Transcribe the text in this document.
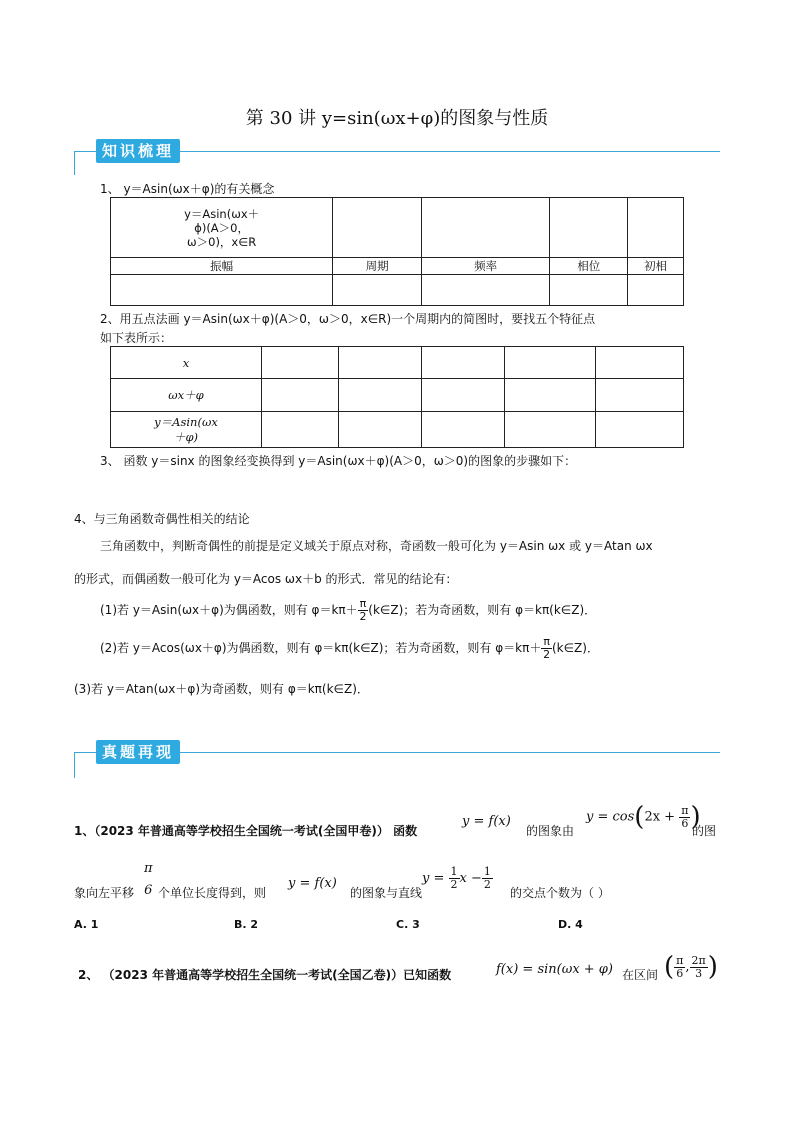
第 30 讲 y=sin(ωx+φ)的图象与性质
知识梳理
1、 y＝Asin(ωx＋φ)的有关概念
y＝Asin(ωx＋
ϕ)(A＞0，
ω＞0)，x∈R				

振幅	周期	频率	相位	初相

2、用五点法画 y＝Asin(ωx＋φ)(A＞0，ω＞0，x∈R)一个周期内的简图时，要找五个特征点
如下表所示：
x					
ωx＋φ					

y＝Asin(ωx
＋φ)					

3、 函数 y＝sinx 的图象经变换得到 y＝Asin(ωx＋φ)(A＞0，ω＞0)的图象的步骤如下：
4、与三角函数奇偶性相关的结论
三角函数中，判断奇偶性的前提是定义域关于原点对称，奇函数一般可化为 y＝Asin ωx 或 y＝Atan ωx
的形式，而偶函数一般可化为 y＝Acos ωx＋b 的形式．常见的结论有：
(1)若 y＝Asin(ωx＋φ)为偶函数，则有 $\varphi=k\pi+ \frac{\pi}{2}$ (k∈Z)；若为奇函数，则有 φ＝kπ(k∈Z)．
(2)若 y＝Acos(ωx＋φ)为偶函数，则有 φ＝kπ(k∈Z)；若为奇函数，则有 $\varphi=k\pi+ \frac{\pi}{2}$ (k∈Z)．
(3)若 y＝Atan(ωx＋φ)为奇函数，则有 φ＝kπ(k∈Z)．
真题再现
1、（2023 年普通高等学校招生全国统一考试(全国甲卷)） 函数
y = f(x)
的图象由
$y = \cos(2x + \frac{\pi}{6}$ )
的图
象向左平移
π
6 个单位长度得到，则
y = f(x)
的图象与直线
$y = \frac{1}{2}$ $x - \frac{1}{2}$
的交点个数为（ ）
A. 1	B. 2	C. 3	D. 4
2、 （2023 年普通高等学校招生全国统一考试(全国乙卷)）已知函数	f(x) = sin(ωx + φ) 在区间 ( $\frac{\pi}{6}$ , $\frac{2\pi}{3}$ )
